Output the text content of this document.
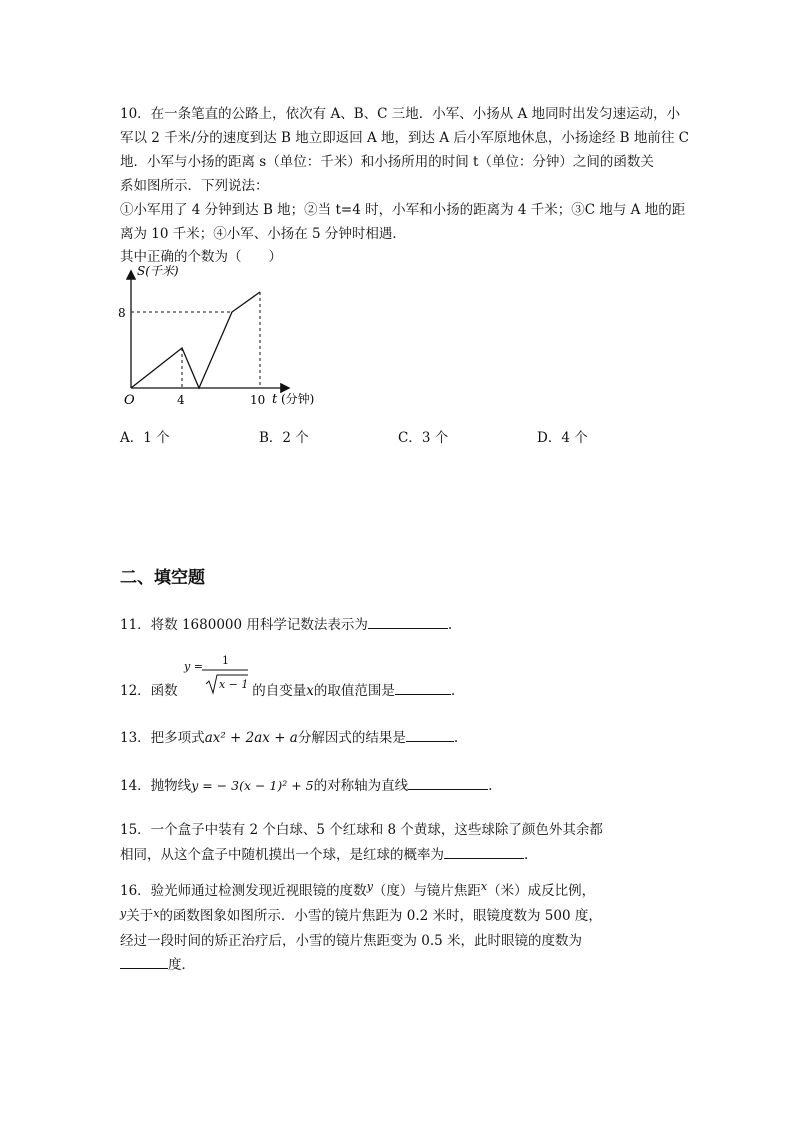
10．在一条笔直的公路上，依次有 A、B、C 三地．小军、小扬从 A 地同时出发匀速运动，小
军以 2 千米/分的速度到达 B 地立即返回 A 地，到达 A 后小军原地休息，小扬途经 B 地前往 C
地．小军与小扬的距离 s（单位：千米）和小扬所用的时间 t（单位：分钟）之间的函数关
系如图所示．下列说法：
①小军用了 4 分钟到达 B 地；②当 t=4 时，小军和小扬的距离为 4 千米；③C 地与 A 地的距
离为 10 千米；④小军、小扬在 5 分钟时相遇．
其中正确的个数为（　　）
S(千米)
8
O	4	10 t (分钟)
A．1 个	B．2 个	C．3 个	D．4 个
二、填空题
11．将数 1680000 用科学记数法表示为	.
12．函数
y = 1
x − 1 的自变量x的取值范围是	.
13．把多项式ax² + 2ax + a分解因式的结果是	.
14．抛物线y = − 3(x − 1)² + 5的对称轴为直线	.
15．一个盒子中装有 2 个白球、5 个红球和 8 个黄球，这些球除了颜色外其余都
相同，从这个盒子中随机摸出一个球，是红球的概率为	.
16．验光师通过检测发现近视眼镜的度数$^y$（度）与镜片焦距$^x$（米）成反比例，
$^y$关于$^x$的函数图象如图所示．小雪的镜片焦距为 0.2 米时，眼镜度数为 500 度，
经过一段时间的矫正治疗后，小雪的镜片焦距变为 0.5 米，此时眼镜的度数为
度．
